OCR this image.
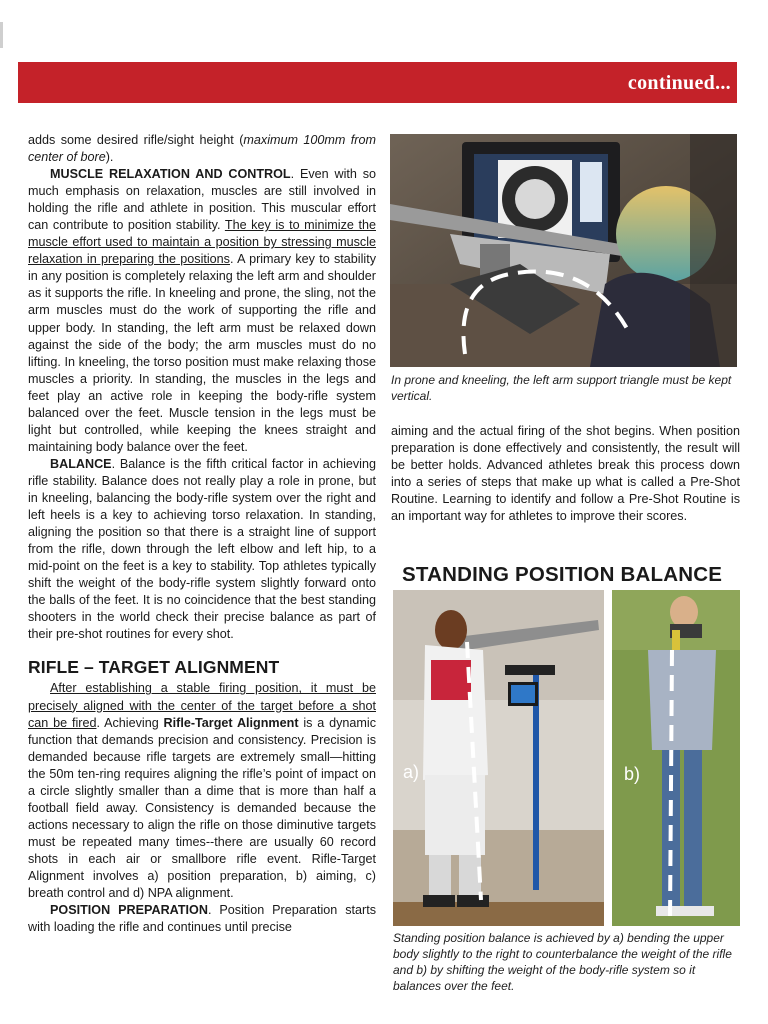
continued...

adds some desired rifle/sight height (maximum 100mm from center of bore).

MUSCLE RELAXATION AND CONTROL. Even with so much emphasis on relaxation, muscles are still involved in holding the rifle and athlete in position. This muscular effort can contribute to position stability. The key is to minimize the muscle effort used to maintain a position by stressing muscle relaxation in preparing the positions. A primary key to stability in any position is completely relaxing the left arm and shoulder as it supports the rifle. In kneeling and prone, the sling, not the arm muscles must do the work of supporting the rifle and upper body. In standing, the left arm must be relaxed down against the side of the body; the arm muscles must do no lifting. In kneeling, the torso position must make relaxing those muscles a priority. In standing, the muscles in the legs and feet play an active role in keeping the body-rifle system balanced over the feet. Muscle tension in the legs must be light but controlled, while keeping the knees straight and maintaining body balance over the feet.

BALANCE. Balance is the fifth critical factor in achieving rifle stability. Balance does not really play a role in prone, but in kneeling, balancing the body-rifle system over the right and left heels is a key to achieving torso relaxation. In standing, aligning the position so that there is a straight line of support from the rifle, down through the left elbow and left hip, to a mid-point on the feet is a key to stability. Top athletes typically shift the weight of the body-rifle system slightly forward onto the balls of the feet. It is no coincidence that the best standing shooters in the world check their precise balance as part of their pre-shot routines for every shot.

RIFLE – TARGET ALIGNMENT

After establishing a stable firing position, it must be precisely aligned with the center of the target before a shot can be fired. Achieving Rifle-Target Alignment is a dynamic function that demands precision and consistency. Precision is demanded because rifle targets are extremely small—hitting the 50m ten-ring requires aligning the rifle’s point of impact on a circle slightly smaller than a dime that is more than half a football field away. Consistency is demanded because the actions necessary to align the rifle on those diminutive targets must be repeated many times--there are usually 60 record shots in each air or smallbore rifle event. Rifle-Target Alignment involves a) position preparation, b) aiming, c) breath control and d) NPA alignment.

POSITION PREPARATION. Position Preparation starts with loading the rifle and continues until precise

In prone and kneeling, the left arm support triangle must be kept vertical.

aiming and the actual firing of the shot begins. When position preparation is done effectively and consistently, the result will be better holds. Advanced athletes break this process down into a series of steps that make up what is called a Pre-Shot Routine. Learning to identify and follow a Pre-Shot Routine is an important way for athletes to improve their scores.

STANDING POSITION BALANCE
a)	b)
Standing position balance is achieved by a) bending the upper body slightly to the right to counterbalance the weight of the rifle and b) by shifting the weight of the body-rifle system so it balances over the feet.
